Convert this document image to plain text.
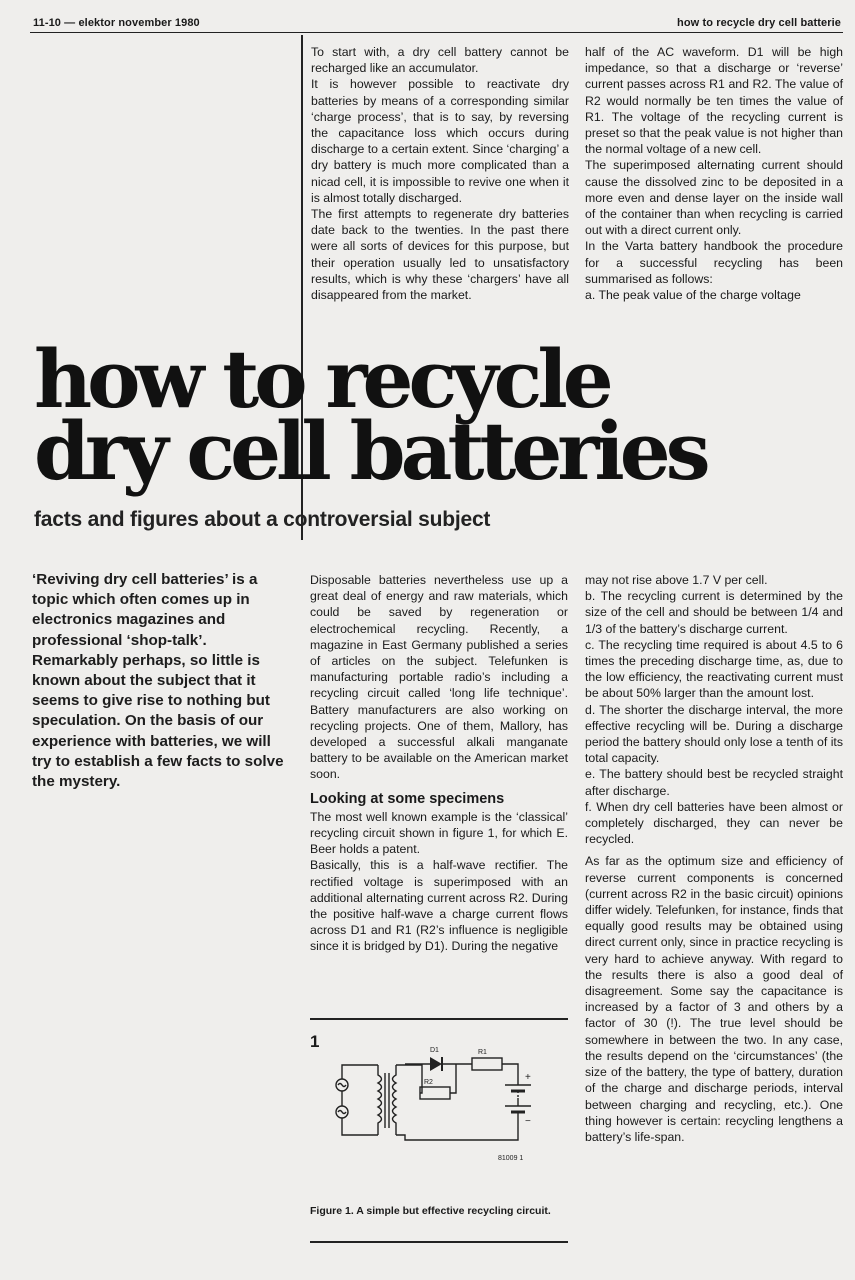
11-10 — elektor november 1980	how to recycle dry cell batterie

To start with, a dry cell battery cannot be recharged like an accumulator.

It is however possible to reactivate dry batteries by means of a corresponding similar ‘charge process’, that is to say, by reversing the capacitance loss which occurs during discharge to a certain extent. Since ‘charging’ a dry battery is much more complicated than a nicad cell, it is impossible to revive one when it is almost totally discharged.

The first attempts to regenerate dry batteries date back to the twenties. In the past there were all sorts of devices for this purpose, but their operation usually led to unsatisfactory results, which is why these ‘chargers’ have all disappeared from the market.

half of the AC waveform. D1 will be high impedance, so that a discharge or ‘reverse’ current passes across R1 and R2. The value of R2 would normally be ten times the value of R1. The voltage of the recycling current is preset so that the peak value is not higher than the normal voltage of a new cell.

The superimposed alternating current should cause the dissolved zinc to be deposited in a more even and dense layer on the inside wall of the container than when recycling is carried out with a direct current only.

In the Varta battery handbook the procedure for a successful recycling has been summarised as follows:

a. The peak value of the charge voltage

how to recycle
dry cell batteries
facts and figures about a controversial subject
‘Reviving dry cell batteries’ is a topic which often comes up in electronics magazines and professional ‘shop-talk’. Remarkably perhaps, so little is known about the subject that it seems to give rise to nothing but speculation. On the basis of our experience with batteries, we will try to establish a few facts to solve the mystery.

Disposable batteries nevertheless use up a great deal of energy and raw materials, which could be saved by regeneration or electrochemical recycling. Recently, a magazine in East Germany published a series of articles on the subject. Telefunken is manufacturing portable radio’s including a recycling circuit called ‘long life technique’. Battery manufacturers are also working on recycling projects. One of them, Mallory, has developed a successful alkali manganate battery to be available on the American market soon.

Looking at some specimens

The most well known example is the ‘classical’ recycling circuit shown in figure 1, for which E. Beer holds a patent.

Basically, this is a half-wave rectifier. The rectified voltage is superimposed with an additional alternating current across R2. During the positive half-wave a charge current flows across D1 and R1 (R2’s influence is negligible since it is bridged by D1). During the negative

1	D1	R1
R2	+
−
81009 1
Figure 1. A simple but effective recycling circuit.

may not rise above 1.7 V per cell.

b. The recycling current is determined by the size of the cell and should be between 1/4 and 1/3 of the battery’s discharge current.

c. The recycling time required is about 4.5 to 6 times the preceding discharge time, as, due to the low efficiency, the reactivating current must be about 50% larger than the amount lost.

d. The shorter the discharge interval, the more effective recycling will be. During a discharge period the battery should only lose a tenth of its total capacity.

e. The battery should best be recycled straight after discharge.

f. When dry cell batteries have been almost or completely discharged, they can never be recycled.

As far as the optimum size and efficiency of reverse current components is concerned (current across R2 in the basic circuit) opinions differ widely. Telefunken, for instance, finds that equally good results may be obtained using direct current only, since in practice recycling is very hard to achieve anyway. With regard to the results there is also a good deal of disagreement. Some say the capacitance is increased by a factor of 3 and others by a factor of 30 (!). The true level should be somewhere in between the two. In any case, the results depend on the ‘circumstances’ (the size of the battery, the type of battery, duration of the charge and discharge periods, interval between charging and recycling, etc.). One thing however is certain: recycling lengthens a battery’s life-span.
